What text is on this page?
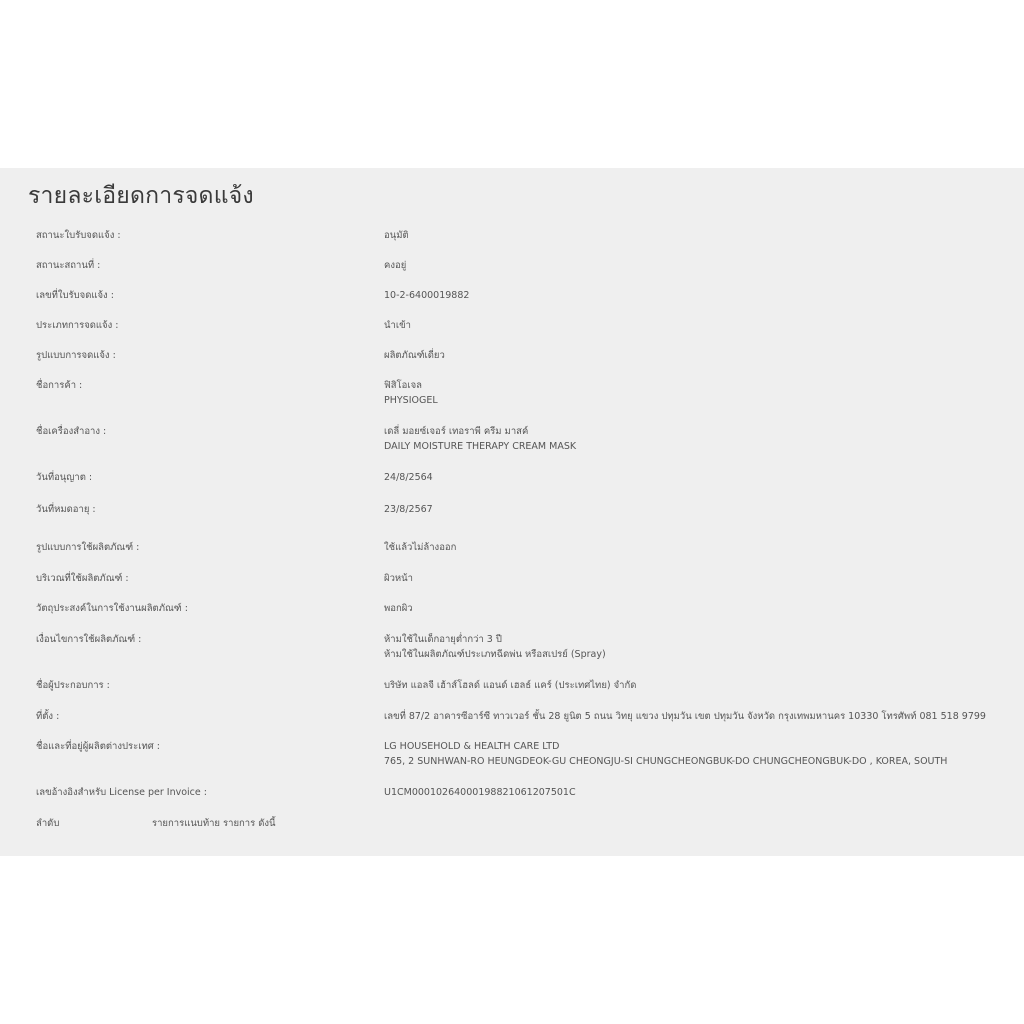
รายละเอียดการจดแจ้ง
สถานะใบรับจดแจ้ง :	อนุมัติ
สถานะสถานที่ :	คงอยู่
เลขที่ใบรับจดแจ้ง :	10-2-6400019882
ประเภทการจดแจ้ง :	นำเข้า
รูปแบบการจดแจ้ง :	ผลิตภัณฑ์เดี่ยว
ชื่อการค้า :	ฟิสิโอเจล
PHYSIOGEL
ชื่อเครื่องสำอาง :	เดลี่ มอยซ์เจอร์ เทอราพี ครีม มาสค์
DAILY MOISTURE THERAPY CREAM MASK
วันที่อนุญาต :	24/8/2564
วันที่หมดอายุ :	23/8/2567
รูปแบบการใช้ผลิตภัณฑ์ :	ใช้แล้วไม่ล้างออก
บริเวณที่ใช้ผลิตภัณฑ์ :	ผิวหน้า
วัตถุประสงค์ในการใช้งานผลิตภัณฑ์ :	พอกผิว
เงื่อนไขการใช้ผลิตภัณฑ์ :	ห้ามใช้ในเด็กอายุต่ำกว่า 3 ปี
ห้ามใช้ในผลิตภัณฑ์ประเภทฉีดพ่น หรือสเปรย์ (Spray)
ชื่อผู้ประกอบการ :	บริษัท แอลจี เฮ้าส์โฮลด์ แอนด์ เฮลธ์ แคร์ (ประเทศไทย) จำกัด
ที่ตั้ง :	เลขที่ 87/2 อาคารซีอาร์ซี ทาวเวอร์ ชั้น 28 ยูนิต 5 ถนน วิทยุ แขวง ปทุมวัน เขต ปทุมวัน จังหวัด กรุงเทพมหานคร 10330 โทรศัพท์ 081 518 9799
ชื่อและที่อยู่ผู้ผลิตต่างประเทศ :	LG HOUSEHOLD & HEALTH CARE LTD
765, 2 SUNHWAN-RO HEUNGDEOK-GU CHEONGJU-SI CHUNGCHEONGBUK-DO CHUNGCHEONGBUK-DO , KOREA, SOUTH
เลขอ้างอิงสำหรับ License per Invoice :	U1CM000102640001988210612075​01C
ลำดับ	รายการแนบท้าย รายการ ดังนี้
